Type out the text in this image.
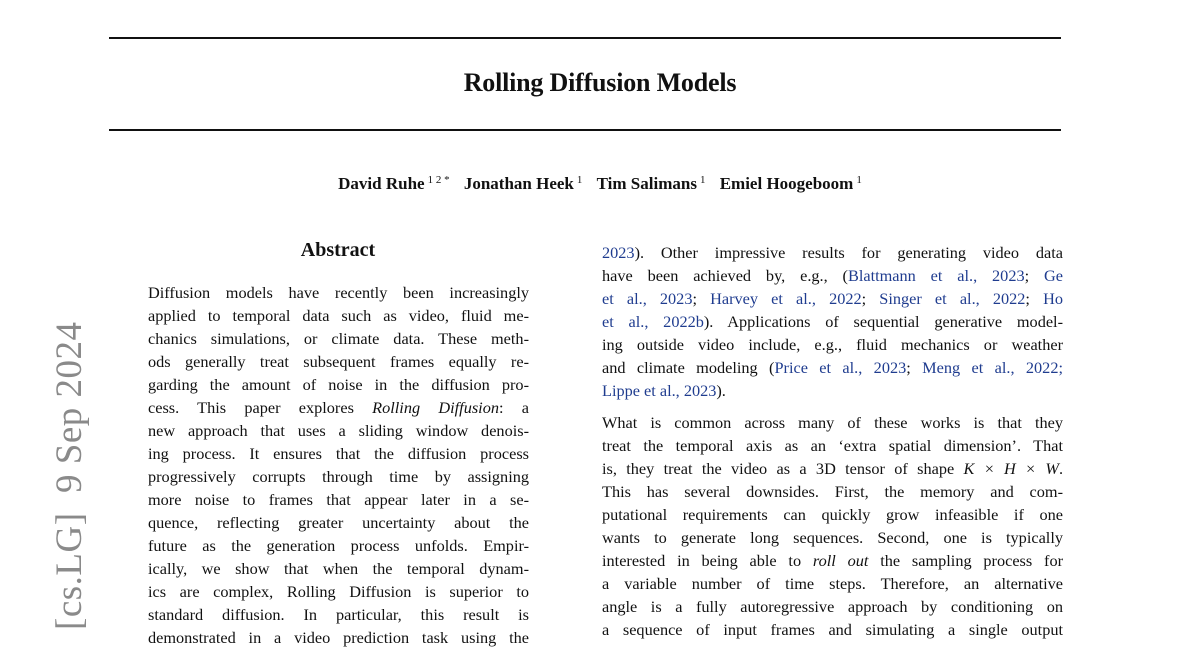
Rolling Diffusion Models
David Ruhe $^{1 2 *}$ Jonathan Heek $^1$ Tim Salimans $^1$ Emiel Hoogeboom $^1$
[cs.LG]  9 Sep 2024
Abstract
Diffusion models have recently been increasingly
applied to temporal data such as video, fluid me-
chanics simulations, or climate data. These meth-
ods generally treat subsequent frames equally re-
garding the amount of noise in the diffusion pro-
cess. This paper explores Rolling Diffusion: a
new approach that uses a sliding window denois-
ing process. It ensures that the diffusion process
progressively corrupts through time by assigning
more noise to frames that appear later in a se-
quence, reflecting greater uncertainty about the
future as the generation process unfolds. Empir-
ically, we show that when the temporal dynam-
ics are complex, Rolling Diffusion is superior to
standard diffusion. In particular, this result is
demonstrated in a video prediction task using the
2023). Other impressive results for generating video data
have been achieved by, e.g., (Blattmann et al., 2023; Ge
et al., 2023; Harvey et al., 2022; Singer et al., 2022; Ho
et al., 2022b). Applications of sequential generative model-
ing outside video include, e.g., fluid mechanics or weather
and climate modeling (Price et al., 2023; Meng et al., 2022;
Lippe et al., 2023).
What is common across many of these works is that they
treat the temporal axis as an ‘extra spatial dimension’. That
is, they treat the video as a 3D tensor of shape K × H × W.
This has several downsides. First, the memory and com-
putational requirements can quickly grow infeasible if one
wants to generate long sequences. Second, one is typically
interested in being able to roll out the sampling process for
a variable number of time steps. Therefore, an alternative
angle is a fully autoregressive approach by conditioning on
a sequence of input frames and simulating a single output
